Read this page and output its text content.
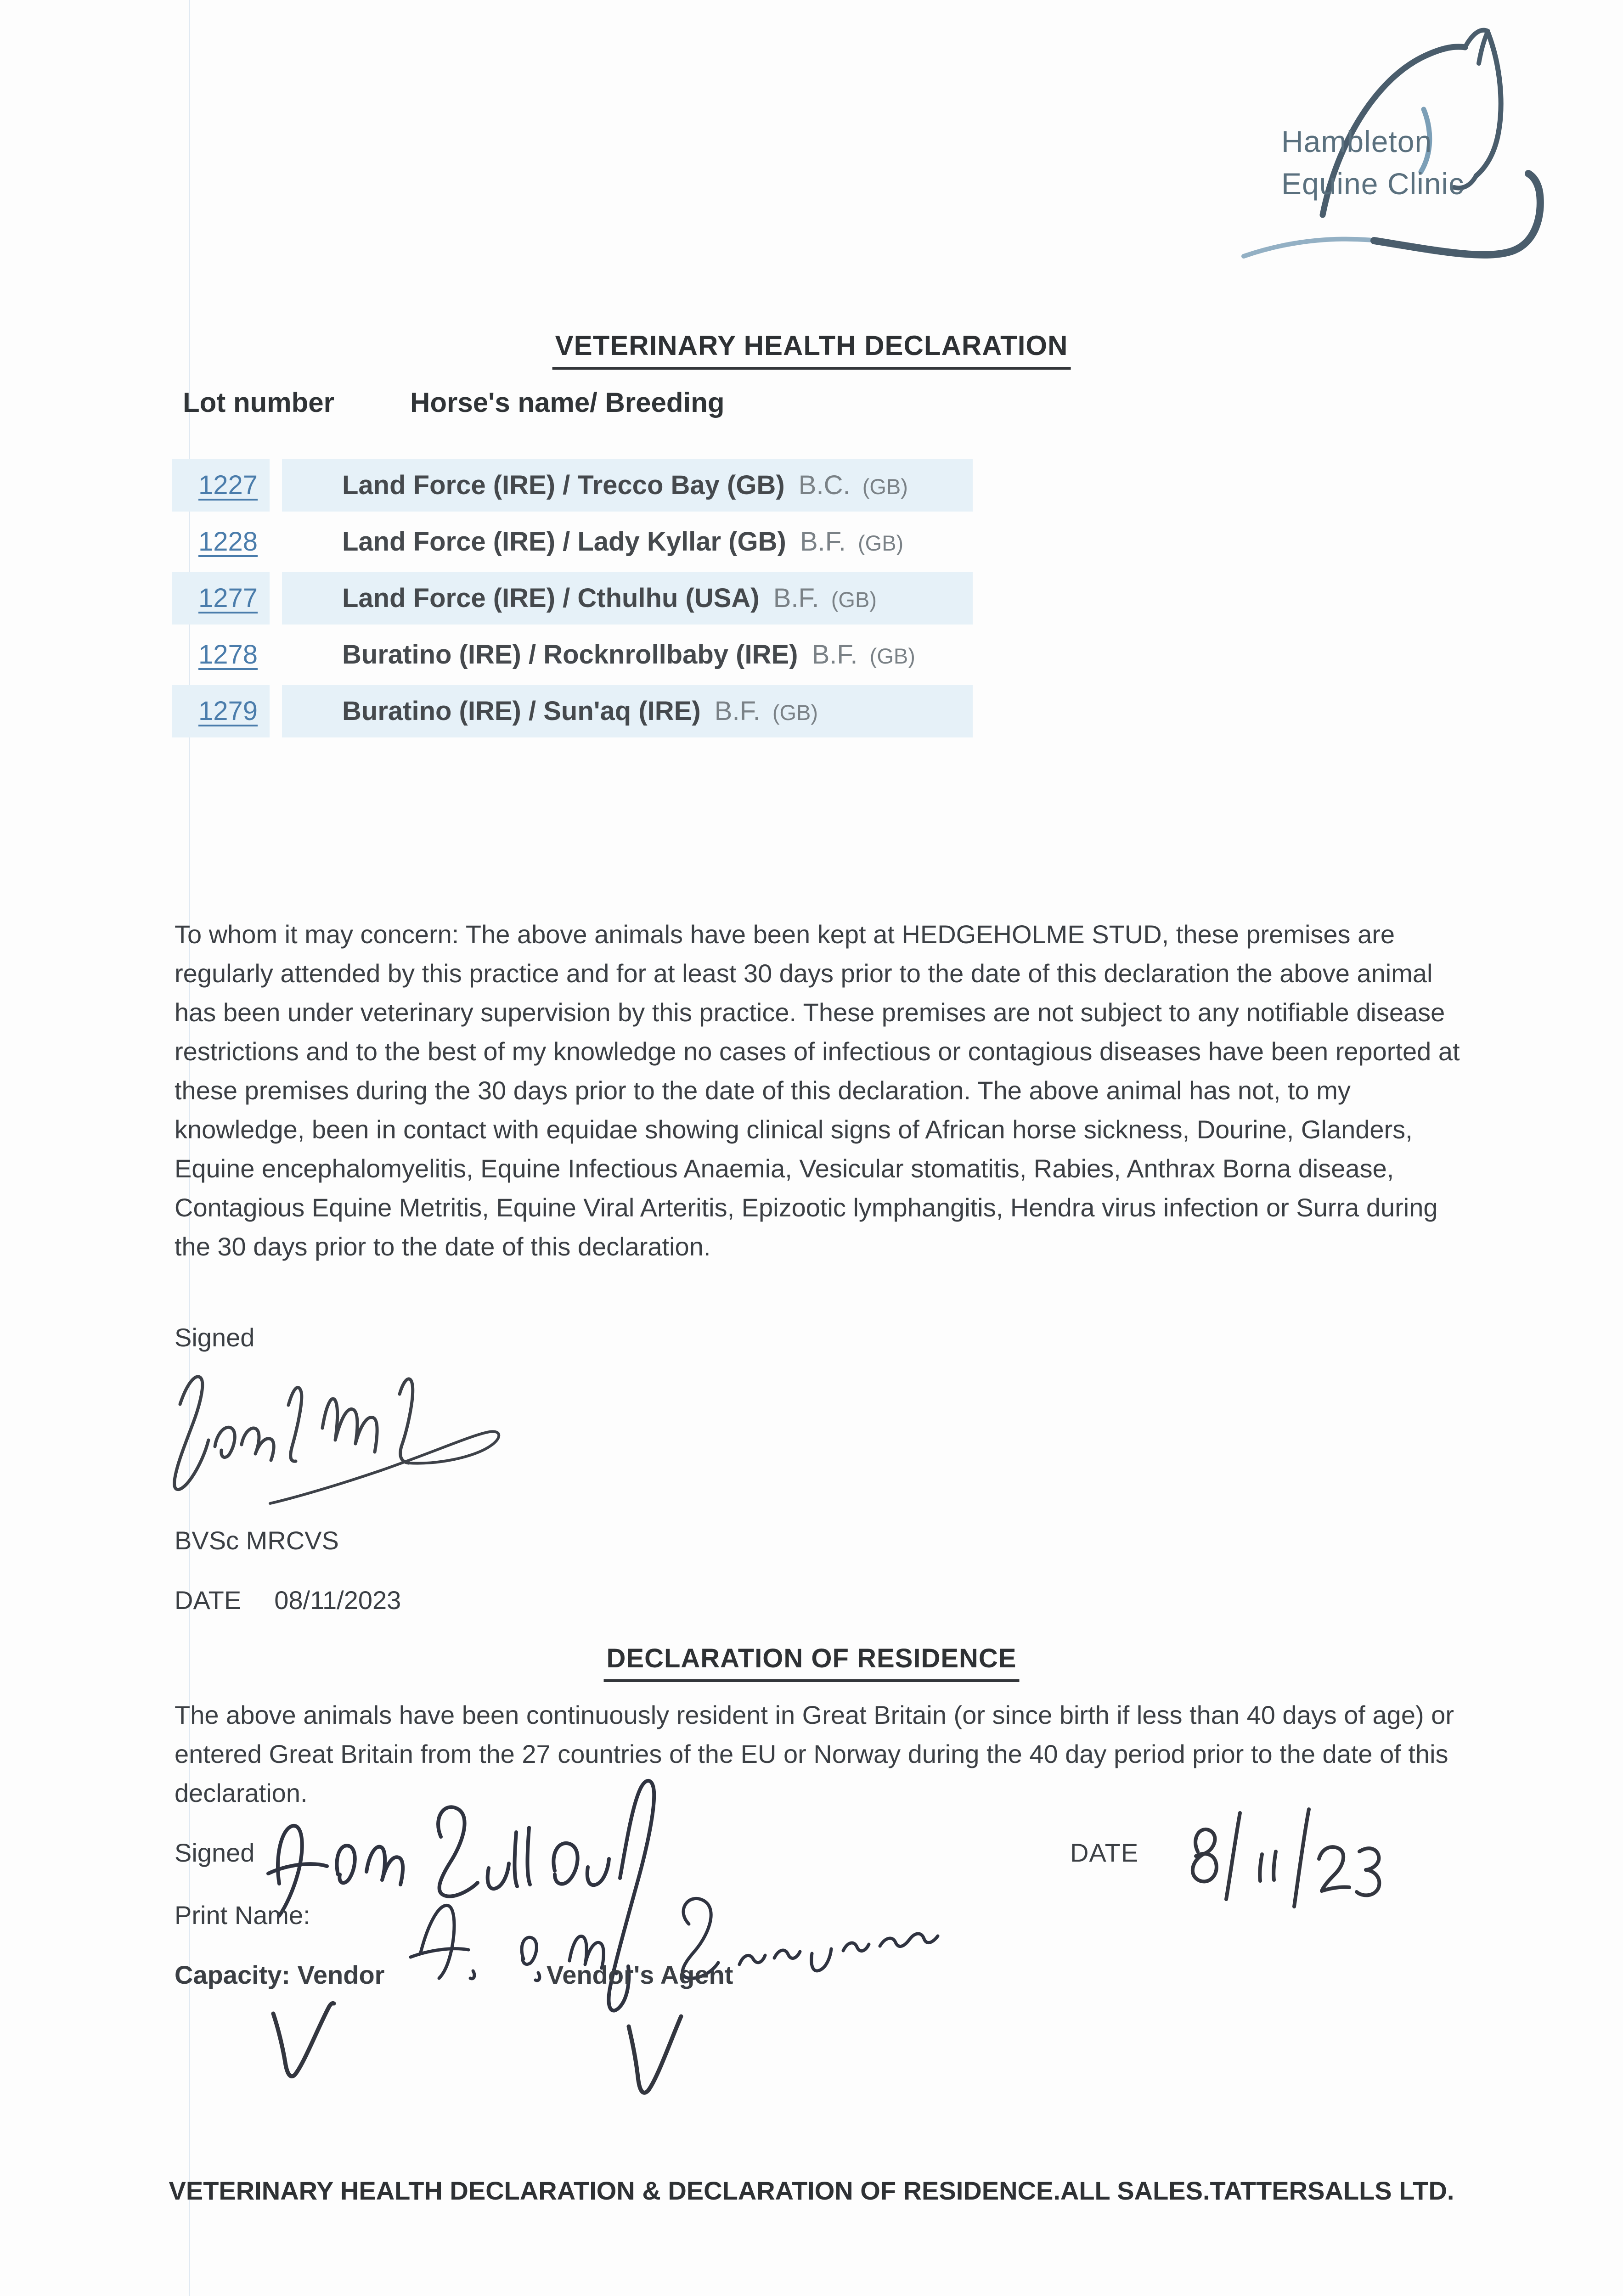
Hambleton
Equine Clinic
VETERINARY HEALTH DECLARATION
Lot number	Horse's name/ Breeding
1227	Land Force (IRE) / Trecco Bay (GB) B.C. (GB)
1228	Land Force (IRE) / Lady Kyllar (GB) B.F. (GB)
1277	Land Force (IRE) / Cthulhu (USA) B.F. (GB)
1278	Buratino (IRE) / Rocknrollbaby (IRE) B.F. (GB)
1279	Buratino (IRE) / Sun'aq (IRE) B.F. (GB)
To whom it may concern: The above animals have been kept at HEDGEHOLME STUD, these premises are regularly attended by this practice and for at least 30 days prior to the date of this declaration the above animal has been under veterinary supervision by this practice. These premises are not subject to any notifiable disease restrictions and to the best of my knowledge no cases of infectious or contagious diseases have been reported at these premises during the 30 days prior to the date of this declaration. The above animal has not, to my knowledge, been in contact with equidae showing clinical signs of African horse sickness, Dourine, Glanders, Equine encephalomyelitis, Equine Infectious Anaemia, Vesicular stomatitis, Rabies, Anthrax Borna disease, Contagious Equine Metritis, Equine Viral Arteritis, Epizootic lymphangitis, Hendra virus infection or Surra during the 30 days prior to the date of this declaration.
Signed
BVSc MRCVS
DATE 08/11/2023
DECLARATION OF RESIDENCE
The above animals have been continuously resident in Great Britain (or since birth if less than 40 days of age) or entered Great Britain from the 27 countries of the EU or Norway during the 40 day period prior to the date of this declaration.
Signed	DATE
Print Name:
Capacity: Vendor	Vendor's Agent
VETERINARY HEALTH DECLARATION & DECLARATION OF RESIDENCE.ALL SALES.TATTERSALLS LTD.
